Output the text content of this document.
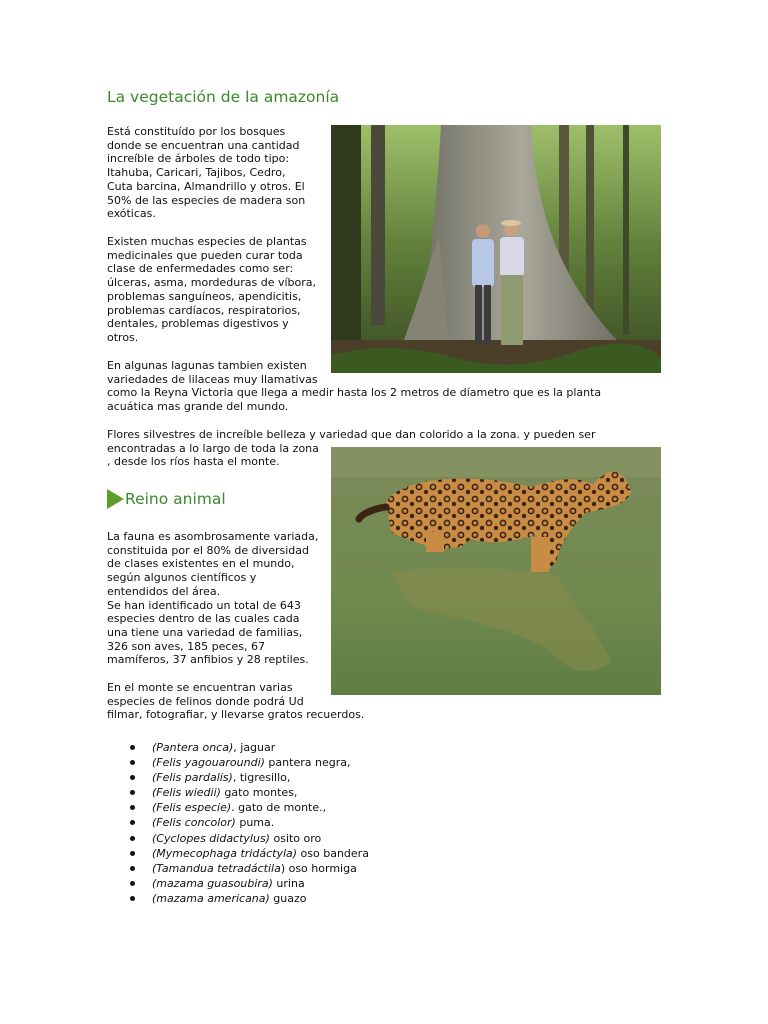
La vegetación de la amazonía
Está constituído por los bosques
donde se encuentran una cantidad
increíble de árboles de todo tipo:
Itahuba, Caricari, Tajibos, Cedro,
Cuta barcina, Almandrillo y otros. El
50% de las especies de madera son
exóticas.
Existen muchas especies de plantas
medicinales que pueden curar toda
clase de enfermedades como ser:
úlceras, asma, mordeduras de víbora,
problemas sanguíneos, apendicitis,
problemas cardíacos, respiratorios,
dentales, problemas digestivos y
otros.
En algunas lagunas tambien existen
variedades de lilaceas muy llamativas
como la Reyna Victoria que llega a medir hasta los 2 metros de díametro que es la planta
acuática mas grande del mundo.
Flores silvestres de increíble belleza y variedad que dan colorido a la zona. y pueden ser
encontradas a lo largo de toda la zona
, desde los ríos hasta el monte.
Reino animal
La fauna es asombrosamente variada,
constituida por el 80% de diversidad
de clases existentes en el mundo,
según algunos científicos y
entendidos del área.
Se han identificado un total de 643
especies dentro de las cuales cada
una tiene una variedad de familias,
326 son aves, 185 peces, 67
mamíferos, 37 anfibios y 28 reptiles.
En el monte se encuentran varias
especies de felinos donde podrá Ud
filmar, fotografiar, y llevarse gratos recuerdos.
(Pantera onca), jaguar
(Felis yagouaroundi) pantera negra,
(Felis pardalis), tigresillo,
(Felis wiedii) gato montes,
(Felis especie). gato de monte.,
(Felis concolor) puma.
(Cyclopes didactylus) osito oro
(Mymecophaga tridáctyla) oso bandera
(Tamandua tetradáctila) oso hormiga
(mazama guasoubira) urina
(mazama americana) guazo
